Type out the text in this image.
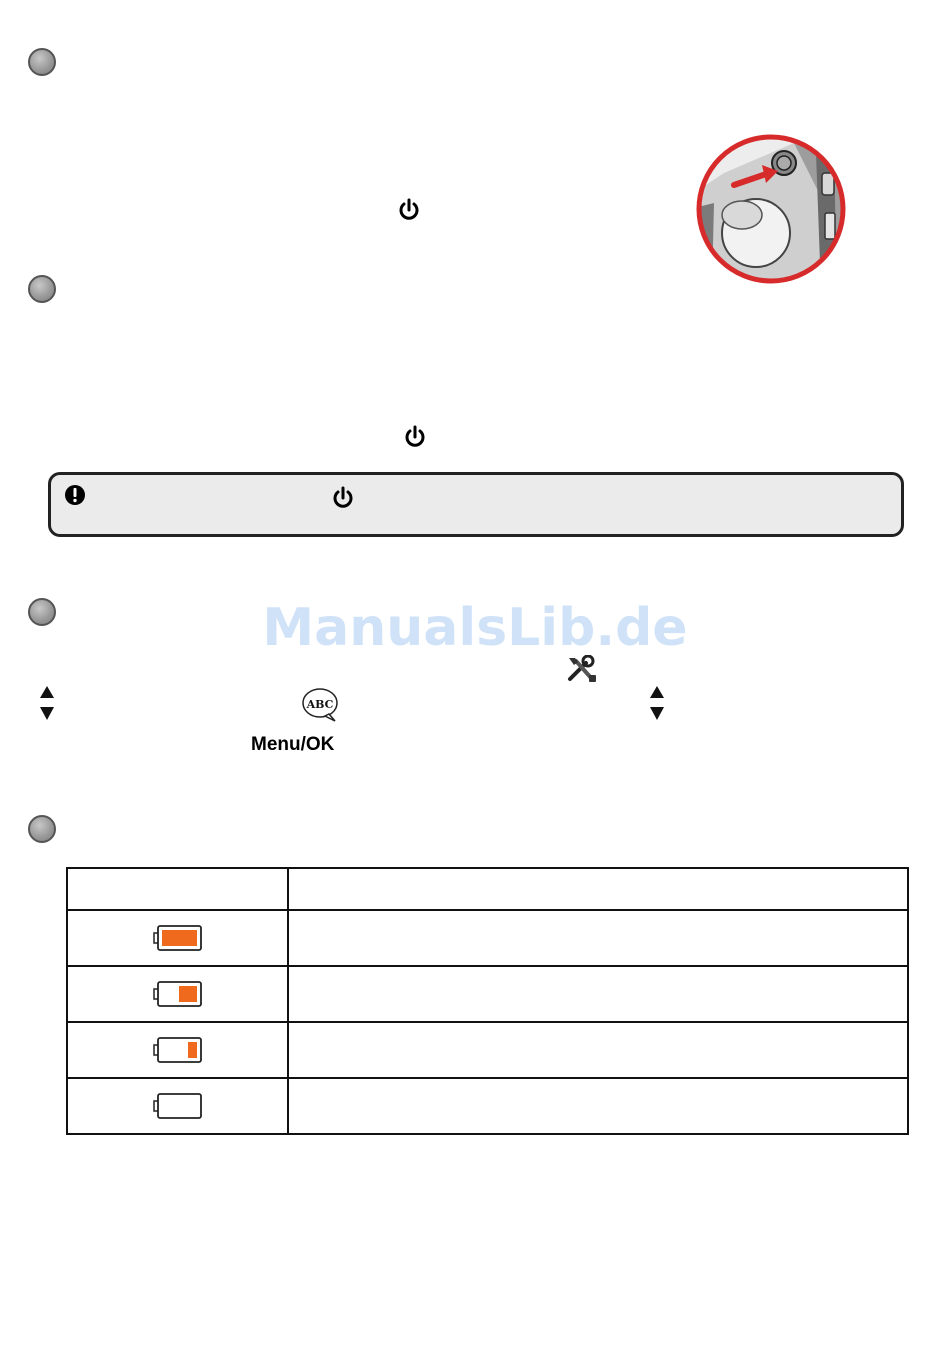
ManualsLib.de
ABC
Menu/OK
